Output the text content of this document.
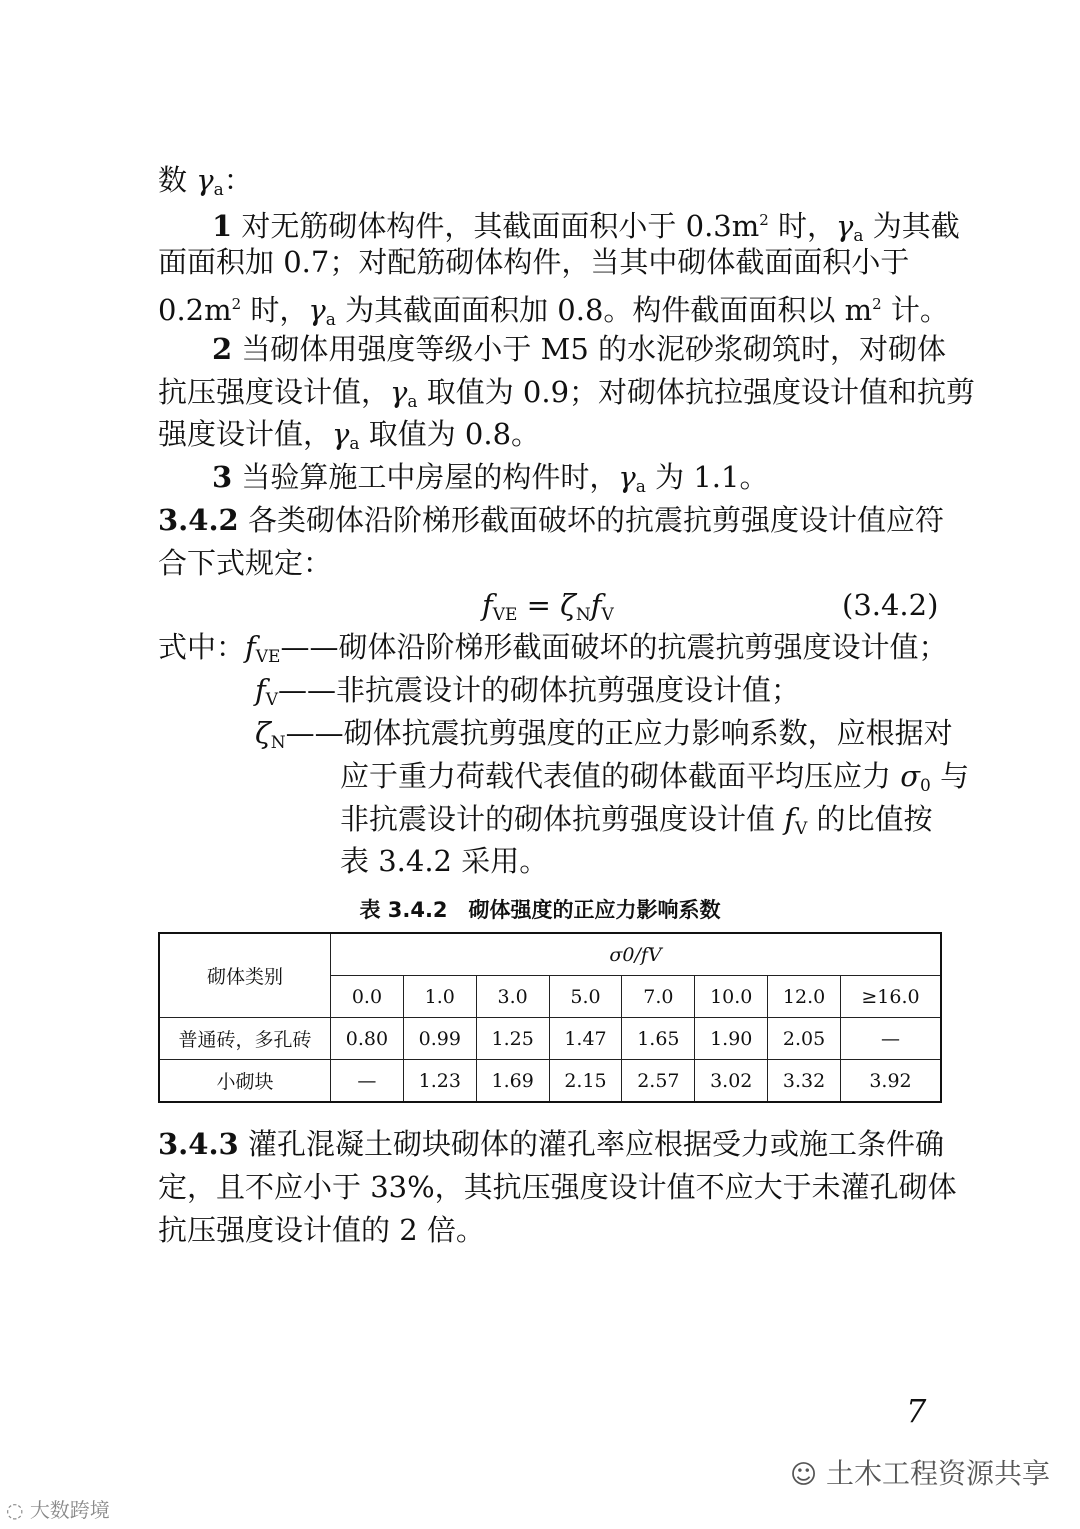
数 $\gamma_a$：
1 对无筋砌体构件，其截面面积小于 $0.3m^2$ 时，$\gamma_a$ 为其截
面面积加 0.7；对配筋砌体构件，当其中砌体截面面积小于
$0.2m^2$ 时，$\gamma_a$ 为其截面面积加 0.8。构件截面面积以 $m^2$ 计。
2 当砌体用强度等级小于 M5 的水泥砂浆砌筑时，对砌体
抗压强度设计值，$\gamma_a$ 取值为 0.9；对砌体抗拉强度设计值和抗剪
强度设计值，$\gamma_a$ 取值为 0.8。
3 当验算施工中房屋的构件时，$\gamma_a$ 为 1.1。
3.4.2 各类砌体沿阶梯形截面破坏的抗震抗剪强度设计值应符
合下式规定：
$f_{VE} = \zeta_Nf_V$	(3.4.2)
式中：$f_{VE}——$砌体沿阶梯形截面破坏的抗震抗剪强度设计值；
$f_V——$非抗震设计的砌体抗剪强度设计值；
$\zeta_N——$砌体抗震抗剪强度的正应力影响系数，应根据对
应于重力荷载代表值的砌体截面平均压应力 $\sigma_0$ 与
非抗震设计的砌体抗剪强度设计值 $f_V$ 的比值按
表 3.4.2 采用。
表 3.4.2　砌体强度的正应力影响系数
砌体类别	σ0/fV							
	0.0	1.0	3.0	5.0	7.0	10.0	12.0	≥16.0
普通砖，多孔砖	0.80	0.99	1.25	1.47	1.65	1.90	2.05	—
小砌块	—	1.23	1.69	2.15	2.57	3.02	3.32	3.92
3.4.3 灌孔混凝土砌块砌体的灌孔率应根据受力或施工条件确
定，且不应小于 33%，其抗压强度设计值不应大于未灌孔砌体
抗压强度设计值的 2 倍。
7
☺ 土木工程资源共享
◌ 大数跨境
